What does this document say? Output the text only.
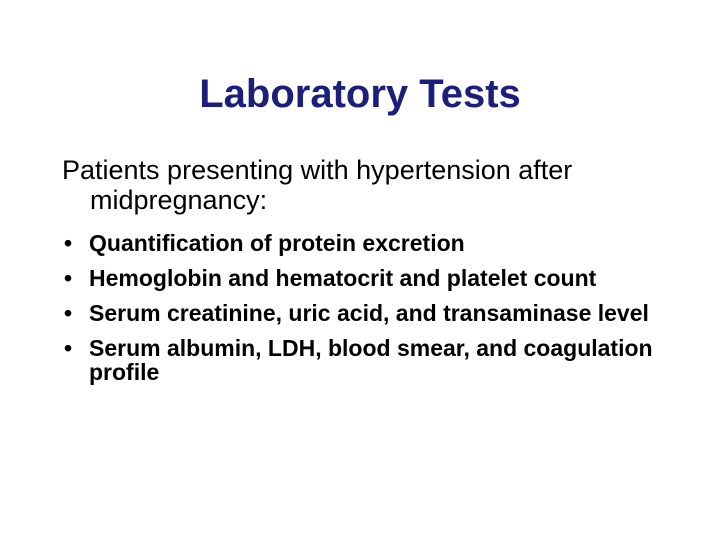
Laboratory Tests
Patients presenting with hypertension after midpregnancy:
• Quantification of protein excretion
• Hemoglobin and hematocrit and platelet count
• Serum creatinine, uric acid, and transaminase level
• Serum albumin, LDH, blood smear, and coagulation profile
